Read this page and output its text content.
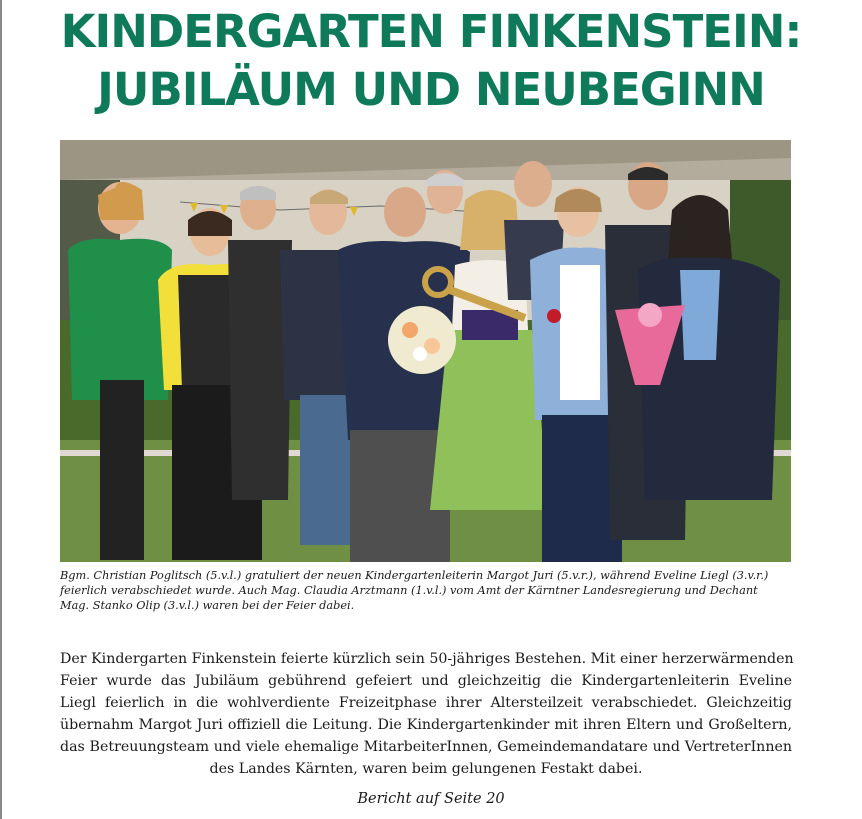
KINDERGARTEN FINKENSTEIN:
JUBILÄUM UND NEUBEGINN
Bgm. Christian Poglitsch (5.v.l.) gratuliert der neuen Kindergartenleiterin Margot Juri (5.v.r.), während Eveline Liegl (3.v.r.)
feierlich verabschiedet wurde. Auch Mag. Claudia Arztmann (1.v.l.) vom Amt der Kärntner Landesregierung und Dechant
Mag. Stanko Olip (3.v.l.) waren bei der Feier dabei.
Der Kindergarten Finkenstein feierte kürzlich sein 50-jähriges Bestehen. Mit einer herzerwärmenden
Feier wurde das Jubiläum gebührend gefeiert und gleichzeitig die Kindergartenleiterin Eveline
Liegl feierlich in die wohlverdiente Freizeitphase ihrer Altersteilzeit verabschiedet. Gleichzeitig
übernahm Margot Juri offiziell die Leitung. Die Kindergartenkinder mit ihren Eltern und Großeltern,
das Betreuungsteam und viele ehemalige MitarbeiterInnen, Gemeindemandatare und VertreterInnen
des Landes Kärnten, waren beim gelungenen Festakt dabei.
Bericht auf Seite 20
